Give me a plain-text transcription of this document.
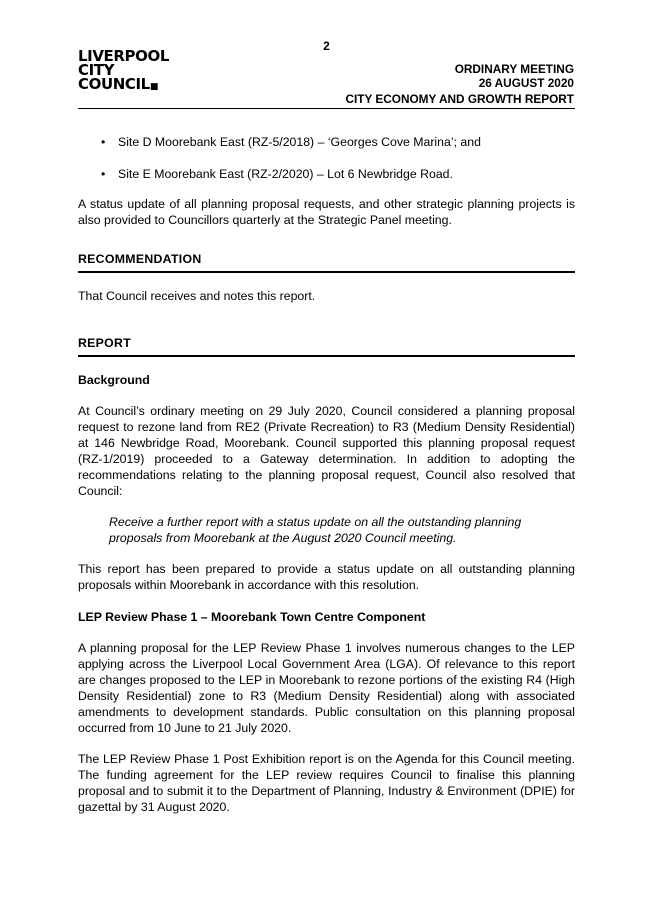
2
LIVERPOOL
CITY
COUNCIL■
ORDINARY MEETING
26 AUGUST 2020
CITY ECONOMY AND GROWTH REPORT
• Site D Moorebank East (RZ-5/2018) – ‘Georges Cove Marina’; and
• Site E Moorebank East (RZ-2/2020) – Lot 6 Newbridge Road.

A status update of all planning proposal requests, and other strategic planning projects is also provided to Councillors quarterly at the Strategic Panel meeting.

RECOMMENDATION

That Council receives and notes this report.

REPORT
Background

At Council’s ordinary meeting on 29 July 2020, Council considered a planning proposal request to rezone land from RE2 (Private Recreation) to R3 (Medium Density Residential) at 146 Newbridge Road, Moorebank. Council supported this planning proposal request (RZ-1/2019) proceeded to a Gateway determination. In addition to adopting the recommendations relating to the planning proposal request, Council also resolved that Council:

Receive a further report with a status update on all the outstanding planning proposals from Moorebank at the August 2020 Council meeting.

This report has been prepared to provide a status update on all outstanding planning proposals within Moorebank in accordance with this resolution.

LEP Review Phase 1 – Moorebank Town Centre Component

A planning proposal for the LEP Review Phase 1 involves numerous changes to the LEP applying across the Liverpool Local Government Area (LGA). Of relevance to this report are changes proposed to the LEP in Moorebank to rezone portions of the existing R4 (High Density Residential) zone to R3 (Medium Density Residential) along with associated amendments to development standards. Public consultation on this planning proposal occurred from 10 June to 21 July 2020.

The LEP Review Phase 1 Post Exhibition report is on the Agenda for this Council meeting. The funding agreement for the LEP review requires Council to finalise this planning proposal and to submit it to the Department of Planning, Industry & Environment (DPIE) for gazettal by 31 August 2020.
